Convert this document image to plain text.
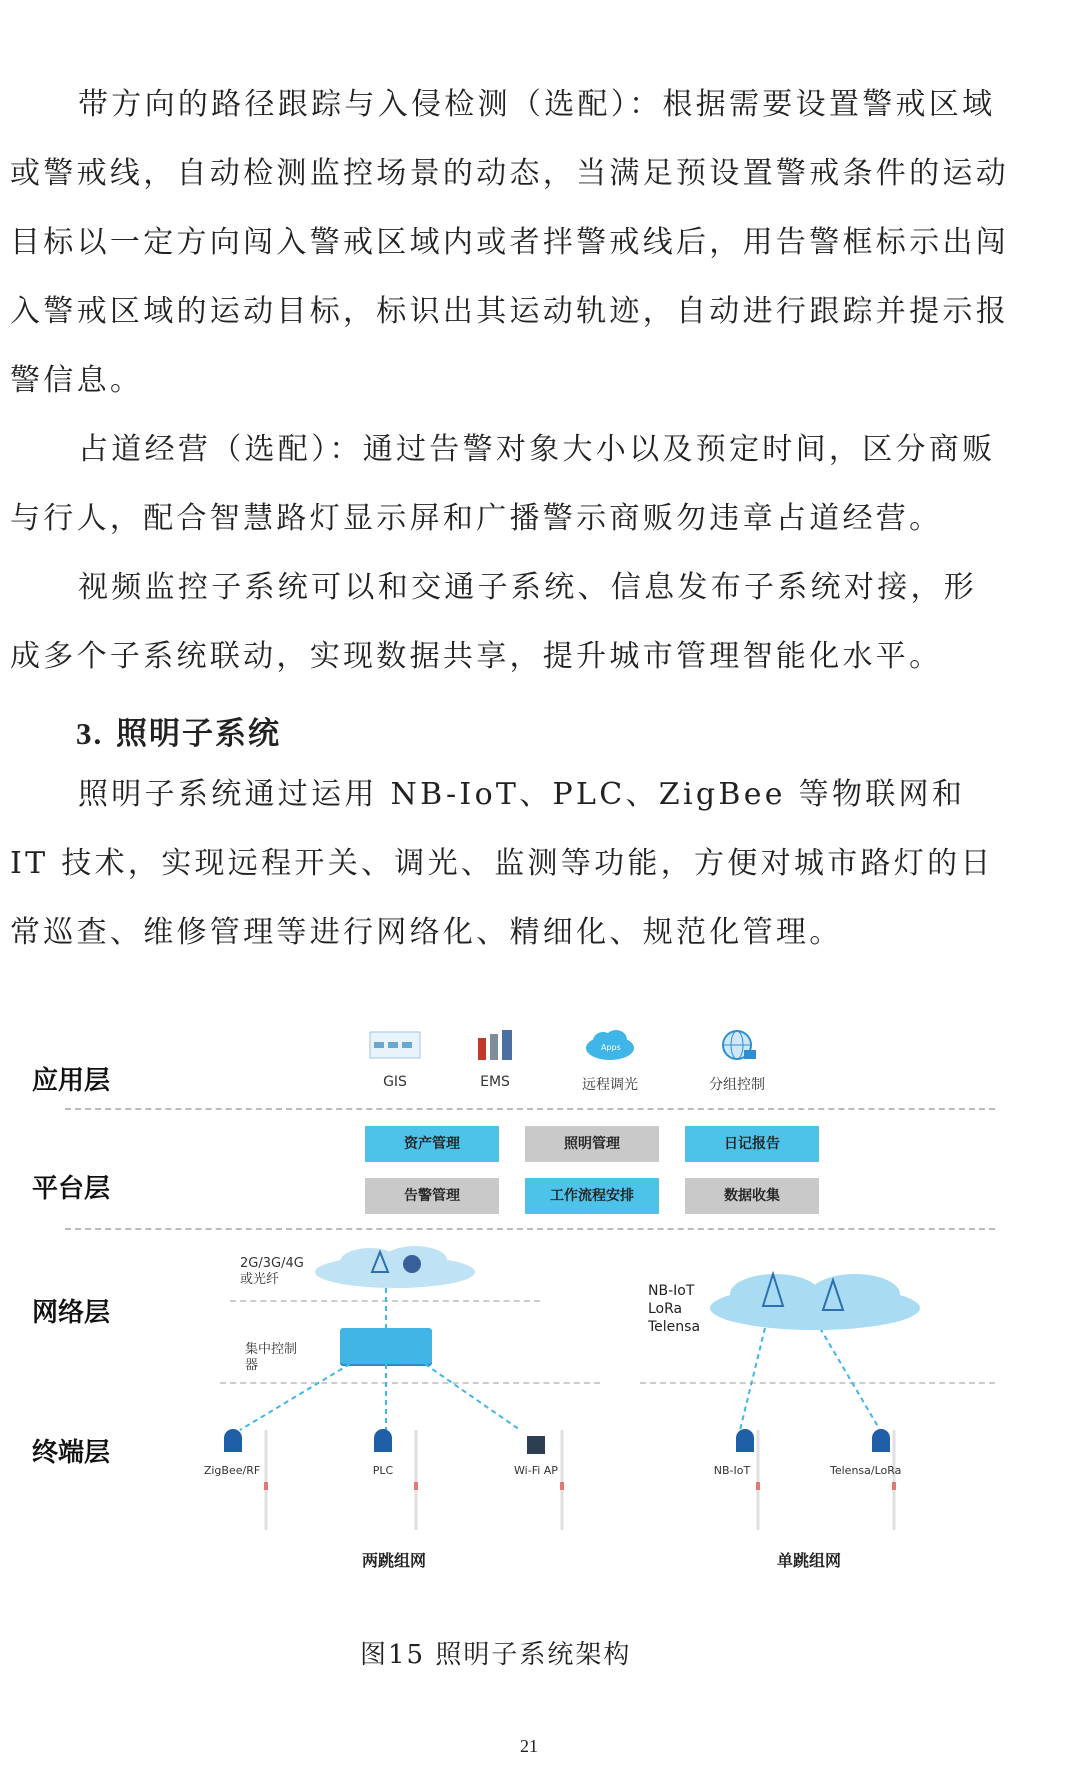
带方向的路径跟踪与入侵检测（选配）：根据需要设置警戒区域或警戒线，自动检测监控场景的动态，当满足预设置警戒条件的运动目标以一定方向闯入警戒区域内或者拌警戒线后，用告警框标示出闯入警戒区域的运动目标，标识出其运动轨迹，自动进行跟踪并提示报警信息。

占道经营（选配）：通过告警对象大小以及预定时间，区分商贩与行人，配合智慧路灯显示屏和广播警示商贩勿违章占道经营。

视频监控子系统可以和交通子系统、信息发布子系统对接，形成多个子系统联动，实现数据共享，提升城市管理智能化水平。

3. 照明子系统

照明子系统通过运用 NB-IoT、PLC、ZigBee 等物联网和 IT 技术，实现远程开关、调光、监测等功能，方便对城市路灯的日常巡查、维修管理等进行网络化、精细化、规范化管理。

应用层
平台层
网络层
终端层
GIS	EMS
Apps
远程调光	分组控制
资产管理	照明管理	日记报告
告警管理	工作流程安排	数据收集
2G/3G/4G或光纤
集中控制器
NB-IoT
LoRa
Telensa
ZigBee/RF	PLC	Wi-Fi AP	NB-IoT	Telensa/LoRa
两跳组网	单跳组网

图15 照明子系统架构

21
